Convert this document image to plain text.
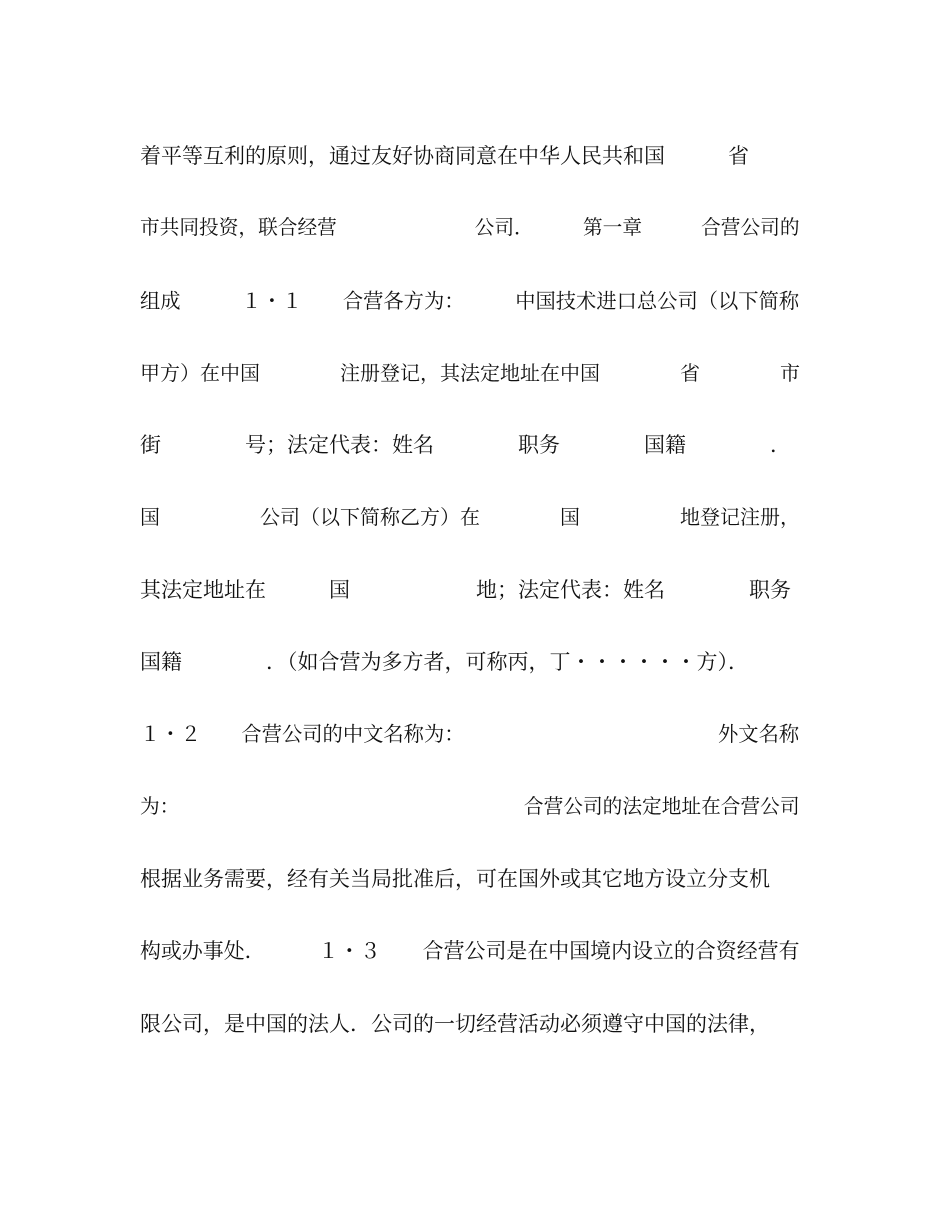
着平等互利的原则，通过友好协商同意在中华人民共和国　　　省
市共同投资，联合经营　　　　　　　公司．　　　第一章　　　合营公司的
组成　　　１・１　　合营各方为：　　　中国技术进口总公司（以下简称
甲方）在中国　　　　注册登记，其法定地址在中国　　　　省　　　　市
街　　　　号；法定代表：姓名　　　　职务　　　　国籍　　　　．
国　　　　　公司（以下简称乙方）在　　　　国　　　　　地登记注册，
其法定地址在　　　国　　　　　　地；法定代表：姓名　　　　职务
国籍　　　　．（如合营为多方者，可称丙，丁・・・・・・方）．
１・２　　合营公司的中文名称为：　　　　　　　　　　　　　外文名称
为：　　　　　　　　　　　　　　　　　　合营公司的法定地址在合营公司
根据业务需要，经有关当局批准后，可在国外或其它地方设立分支机
构或办事处．　　　１・３　　合营公司是在中国境内设立的合资经营有
限公司，是中国的法人．公司的一切经营活动必须遵守中国的法律，
